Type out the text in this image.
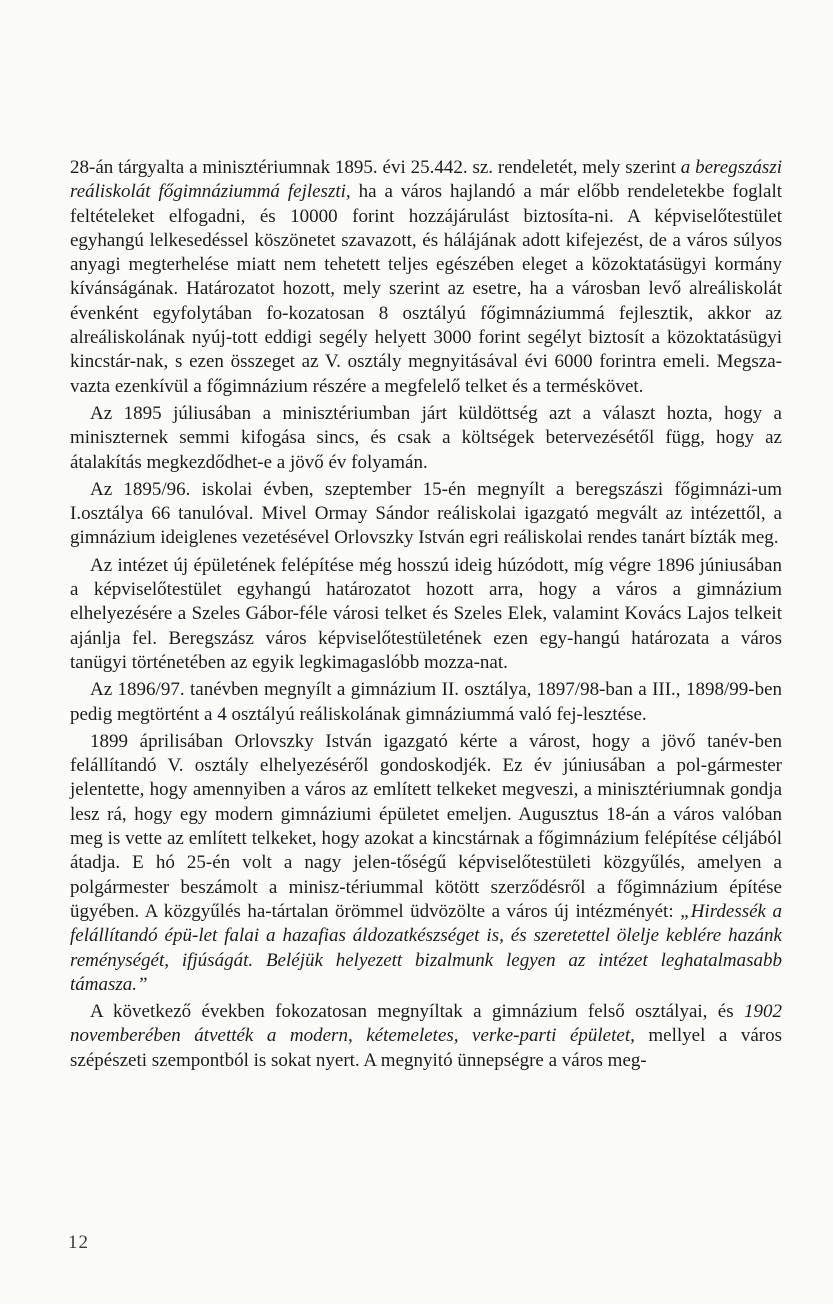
28-án tárgyalta a minisztériumnak 1895. évi 25.442. sz. rendeletét, mely szerint a beregszászi reáliskolát főgimnáziummá fejleszti, ha a város hajlandó a már előbb rendeletekbe foglalt feltételeket elfogadni, és 10000 forint hozzájárulást biztosíta-ni. A képviselőtestület egyhangú lelkesedéssel köszönetet szavazott, és hálájának adott kifejezést, de a város súlyos anyagi megterhelése miatt nem tehetett teljes egészében eleget a közoktatásügyi kormány kívánságának. Határozatot hozott, mely szerint az esetre, ha a városban levő alreáliskolát évenként egyfolytában fo-kozatosan 8 osztályú főgimnáziummá fejlesztik, akkor az alreáliskolának nyúj-tott eddigi segély helyett 3000 forint segélyt biztosít a közoktatásügyi kincstár-nak, s ezen összeget az V. osztály megnyitásával évi 6000 forintra emeli. Megsza-vazta ezenkívül a főgimnázium részére a megfelelő telket és a terméskövet.

Az 1895 júliusában a minisztériumban járt küldöttség azt a választ hozta, hogy a miniszternek semmi kifogása sincs, és csak a költségek betervezésétől függ, hogy az átalakítás megkezdődhet-e a jövő év folyamán.

Az 1895/96. iskolai évben, szeptember 15-én megnyílt a beregszászi főgimnázi-um I.osztálya 66 tanulóval. Mivel Ormay Sándor reáliskolai igazgató megvált az intézettől, a gimnázium ideiglenes vezetésével Orlovszky István egri reáliskolai rendes tanárt bízták meg.

Az intézet új épületének felépítése még hosszú ideig húzódott, míg végre 1896 júniusában a képviselőtestület egyhangú határozatot hozott arra, hogy a város a gimnázium elhelyezésére a Szeles Gábor-féle városi telket és Szeles Elek, valamint Kovács Lajos telkeit ajánlja fel. Beregszász város képviselőtestületének ezen egy-hangú határozata a város tanügyi történetében az egyik legkimagaslóbb mozza-nat.

Az 1896/97. tanévben megnyílt a gimnázium II. osztálya, 1897/98-ban a III., 1898/99-ben pedig megtörtént a 4 osztályú reáliskolának gimnáziummá való fej-lesztése.

1899 áprilisában Orlovszky István igazgató kérte a várost, hogy a jövő tanév-ben felállítandó V. osztály elhelyezéséről gondoskodjék. Ez év júniusában a pol-gármester jelentette, hogy amennyiben a város az említett telkeket megveszi, a minisztériumnak gondja lesz rá, hogy egy modern gimnáziumi épületet emeljen. Augusztus 18-án a város valóban meg is vette az említett telkeket, hogy azokat a kincstárnak a főgimnázium felépítése céljából átadja. E hó 25-én volt a nagy jelen-tőségű képviselőtestületi közgyűlés, amelyen a polgármester beszámolt a minisz-tériummal kötött szerződésről a főgimnázium építése ügyében. A közgyűlés ha-tártalan örömmel üdvözölte a város új intézményét: „Hirdessék a felállítandó épü-let falai a hazafias áldozatkészséget is, és szeretettel ölelje keblére hazánk reménységét, ifjúságát. Beléjük helyezett bizalmunk legyen az intézet leghatalmasabb támasza.”

A következő években fokozatosan megnyíltak a gimnázium felső osztályai, és 1902 novemberében átvették a modern, kétemeletes, verke-parti épületet, mellyel a város szépészeti szempontból is sokat nyert. A megnyitó ünnepségre a város meg-

12
